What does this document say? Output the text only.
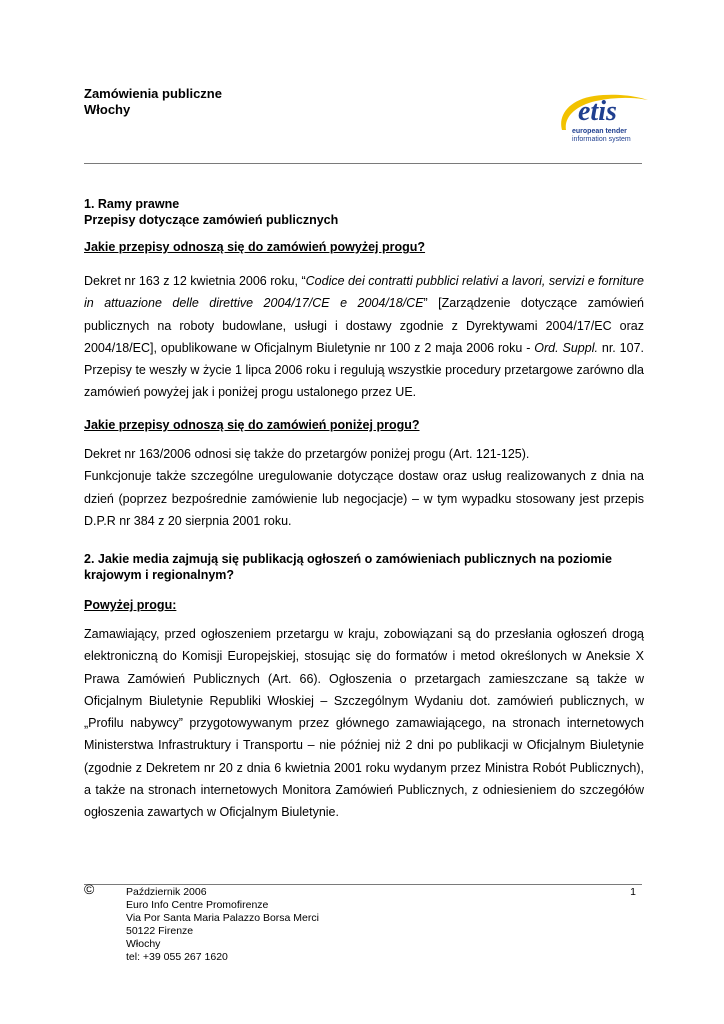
Zamówienia publiczne
Włochy	etis
european tender
information system
1. Ramy prawne
Przepisy dotyczące zamówień publicznych
Jakie przepisy odnoszą się do zamówień powyżej progu?

Dekret nr 163 z 12 kwietnia 2006 roku, “Codice dei contratti pubblici relativi a lavori, servizi e forniture in attuazione delle direttive 2004/17/CE e 2004/18/CE” [Zarządzenie dotyczące zamówień publicznych na roboty budowlane, usługi i dostawy zgodnie z Dyrektywami 2004/17/EC oraz 2004/18/EC], opublikowane w Oficjalnym Biuletynie nr 100 z 2 maja 2006 roku - Ord. Suppl. nr. 107. Przepisy te weszły w życie 1 lipca 2006 roku i regulują wszystkie procedury przetargowe zarówno dla zamówień powyżej jak i poniżej progu ustalonego przez UE.

Jakie przepisy odnoszą się do zamówień poniżej progu?

Dekret nr 163/2006 odnosi się także do przetargów poniżej progu (Art. 121-125).

Funkcjonuje także szczególne uregulowanie dotyczące dostaw oraz usług realizowanych z dnia na dzień (poprzez bezpośrednie zamówienie lub negocjacje) – w tym wypadku stosowany jest przepis D.P.R nr 384 z 20 sierpnia 2001 roku.

2. Jakie media zajmują się publikacją ogłoszeń o zamówieniach publicznych na poziomie krajowym i regionalnym?
Powyżej progu:

Zamawiający, przed ogłoszeniem przetargu w kraju, zobowiązani są do przesłania ogłoszeń drogą elektroniczną do Komisji Europejskiej, stosując się do formatów i metod określonych w Aneksie X Prawa Zamówień Publicznych (Art. 66). Ogłoszenia o przetargach zamieszczane są także w Oficjalnym Biuletynie Republiki Włoskiej – Szczególnym Wydaniu dot. zamówień publicznych, w „Profilu nabywcy” przygotowywanym przez głównego zamawiającego, na stronach internetowych Ministerstwa Infrastruktury i Transportu – nie później niż 2 dni po publikacji w Oficjalnym Biuletynie (zgodnie z Dekretem nr 20 z dnia 6 kwietnia 2001 roku wydanym przez Ministra Robót Publicznych), a także na stronach internetowych Monitora Zamówień Publicznych, z odniesieniem do szczegółów ogłoszenia zawartych w Oficjalnym Biuletynie.

©	Październik 2006
Euro Info Centre Promofirenze
Via Por Santa Maria Palazzo Borsa Merci
50122 Firenze
Włochy
tel: +39 055 267 1620
1
